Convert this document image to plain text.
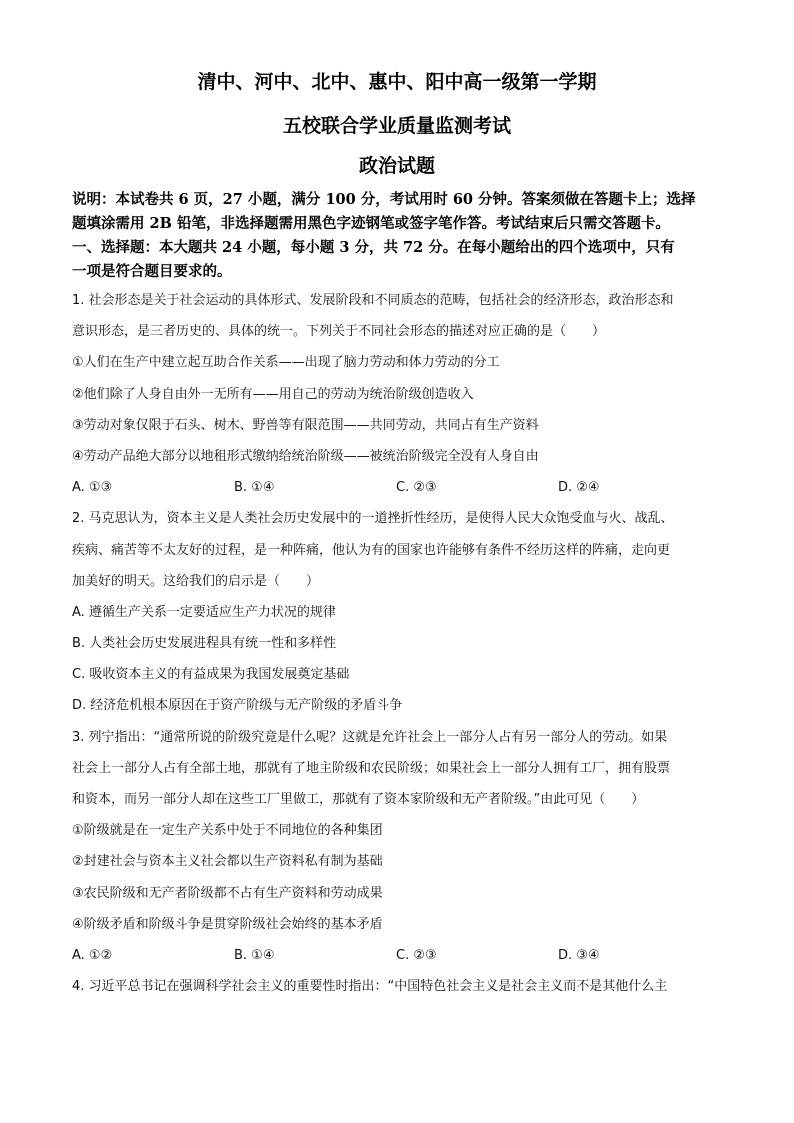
清中、河中、北中、惠中、阳中高一级第一学期
五校联合学业质量监测考试
政治试题

说明：本试卷共 6 页，27 小题，满分 100 分，考试用时 60 分钟。答案须做在答题卡上；选择

题填涂需用 2B 铅笔，非选择题需用黑色字迹钢笔或签字笔作答。考试结束后只需交答题卡。

一、选择题：本大题共 24 小题，每小题 3 分，共 72 分。在每小题给出的四个选项中，只有

一项是符合题目要求的。

1. 社会形态是关于社会运动的具体形式、发展阶段和不同质态的范畴，包括社会的经济形态，政治形态和

意识形态，是三者历史的、具体的统一。下列关于不同社会形态的描述对应正确的是（　　）

①人们在生产中建立起互助合作关系——出现了脑力劳动和体力劳动的分工

②他们除了人身自由外一无所有——用自己的劳动为统治阶级创造收入

③劳动对象仅限于石头、树木、野兽等有限范围——共同劳动，共同占有生产资料

④劳动产品绝大部分以地租形式缴纳给统治阶级——被统治阶级完全没有人身自由

A. ①③	B. ①④	C. ②③	D. ②④

2. 马克思认为，资本主义是人类社会历史发展中的一道挫折性经历，是使得人民大众饱受血与火、战乱、

疾病、痛苦等不太友好的过程，是一种阵痛，他认为有的国家也许能够有条件不经历这样的阵痛，走向更

加美好的明天。这给我们的启示是（　　）

A. 遵循生产关系一定要适应生产力状况的规律

B. 人类社会历史发展进程具有统一性和多样性

C. 吸收资本主义的有益成果为我国发展奠定基础

D. 经济危机根本原因在于资产阶级与无产阶级的矛盾斗争

3. 列宁指出：“通常所说的阶级究竟是什么呢？这就是允许社会上一部分人占有另一部分人的劳动。如果

社会上一部分人占有全部土地，那就有了地主阶级和农民阶级；如果社会上一部分人拥有工厂，拥有股票

和资本，而另一部分人却在这些工厂里做工，那就有了资本家阶级和无产者阶级。”由此可见（　　）

①阶级就是在一定生产关系中处于不同地位的各种集团

②封建社会与资本主义社会都以生产资料私有制为基础

③农民阶级和无产者阶级都不占有生产资料和劳动成果

④阶级矛盾和阶级斗争是贯穿阶级社会始终的基本矛盾

A. ①②	B. ①④	C. ②③	D. ③④

4. 习近平总书记在强调科学社会主义的重要性时指出：“中国特色社会主义是社会主义而不是其他什么主
